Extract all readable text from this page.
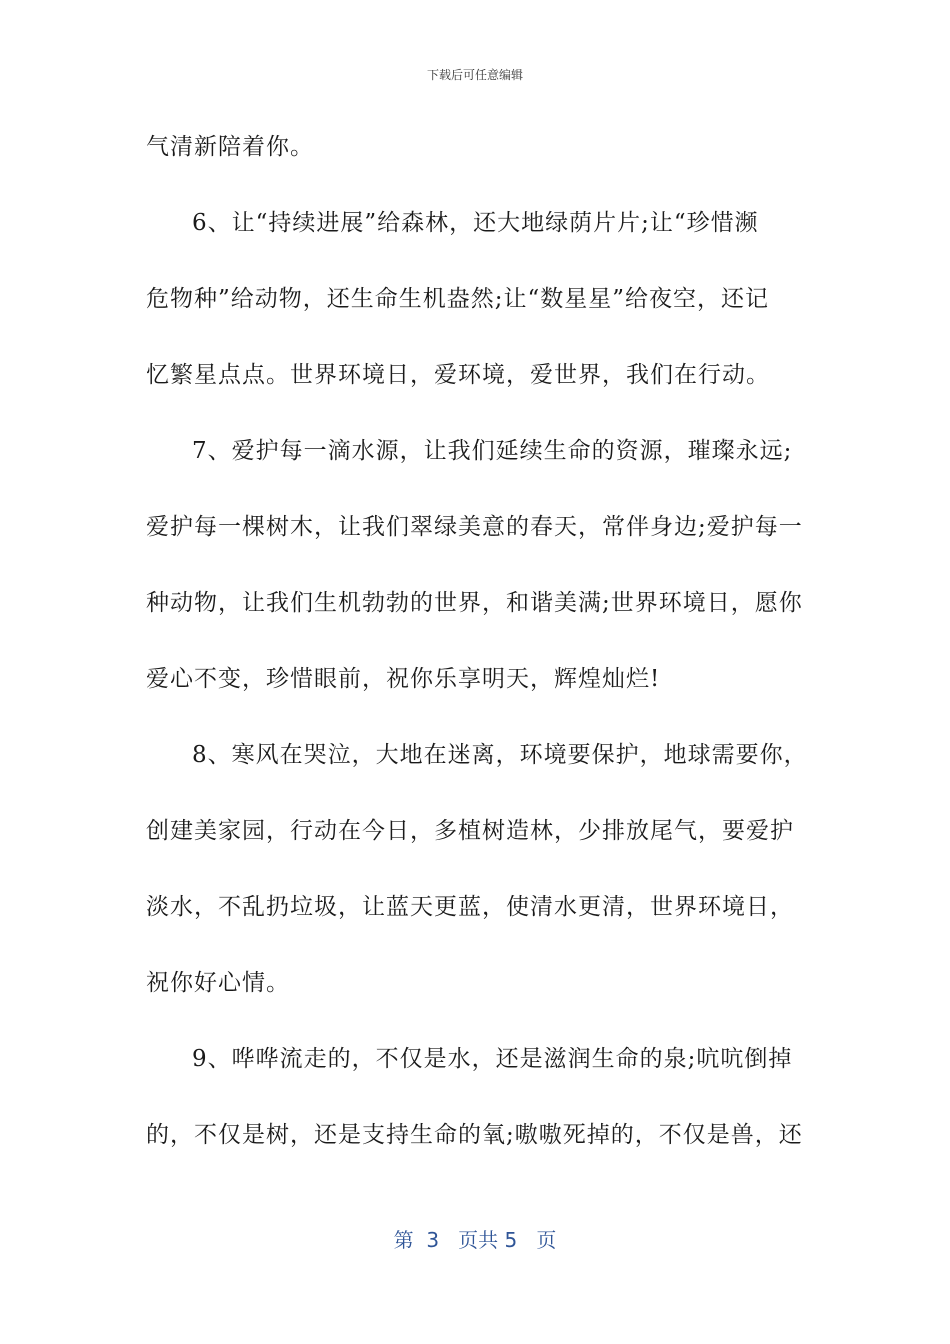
下载后可任意编辑
气清新陪着你。
6、让“持续进展”给森林，还大地绿荫片片;让“珍惜濒
危物种”给动物，还生命生机盎然;让“数星星”给夜空，还记
忆繁星点点。世界环境日，爱环境，爱世界，我们在行动。
7、爱护每一滴水源，让我们延续生命的资源，璀璨永远;
爱护每一棵树木，让我们翠绿美意的春天，常伴身边;爱护每一
种动物，让我们生机勃勃的世界，和谐美满;世界环境日，愿你
爱心不变，珍惜眼前，祝你乐享明天，辉煌灿烂!
8、寒风在哭泣，大地在迷离，环境要保护，地球需要你，
创建美家园，行动在今日，多植树造林，少排放尾气，要爱护
淡水，不乱扔垃圾，让蓝天更蓝，使清水更清，世界环境日，
祝你好心情。
9、哗哗流走的，不仅是水，还是滋润生命的泉;吭吭倒掉
的，不仅是树，还是支持生命的氧;嗷嗷死掉的，不仅是兽，还
第  3   页共 5   页
